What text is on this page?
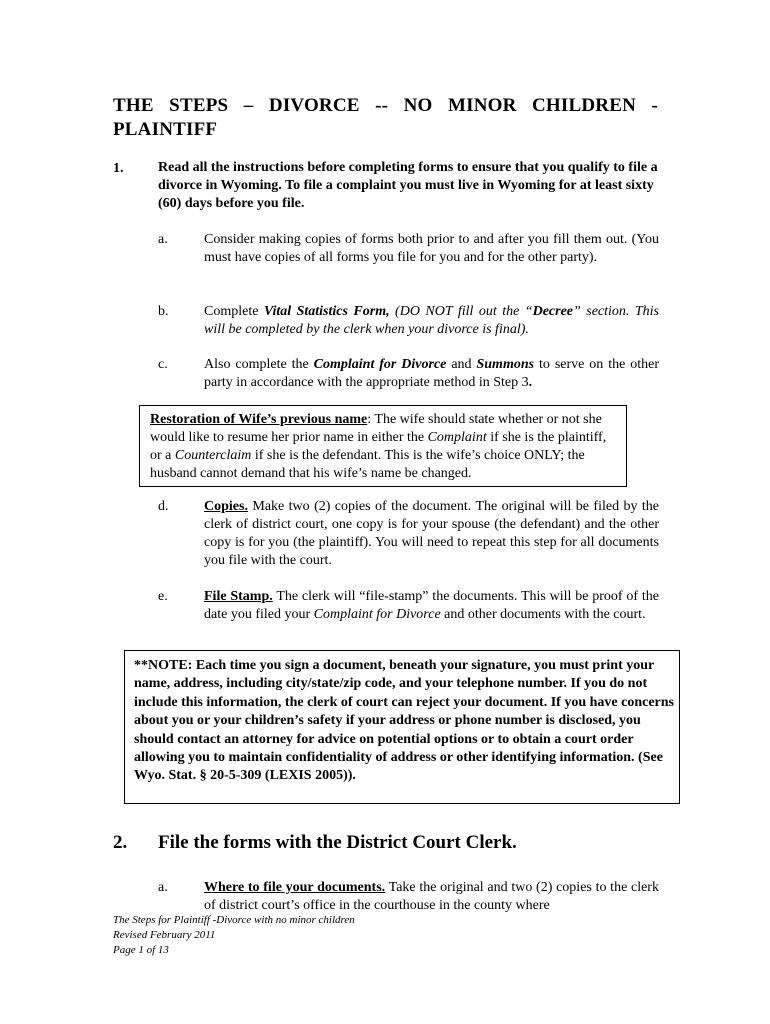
THE STEPS – DIVORCE -- NO MINOR CHILDREN - PLAINTIFF
1. Read all the instructions before completing forms to ensure that you qualify to file a divorce in Wyoming. To file a complaint you must live in Wyoming for at least sixty (60) days before you file.
a.	Consider making copies of forms both prior to and after you fill them out. (You must have copies of all forms you file for you and for the other party).
b.	Complete Vital Statistics Form, (DO NOT fill out the “Decree” section. This will be completed by the clerk when your divorce is final).
c.	Also complete the Complaint for Divorce and Summons to serve on the other party in accordance with the appropriate method in Step 3.
Restoration of Wife’s previous name: The wife should state whether or not she would like to resume her prior name in either the Complaint if she is the plaintiff, or a Counterclaim if she is the defendant. This is the wife’s choice ONLY; the husband cannot demand that his wife’s name be changed.
d.	Copies. Make two (2) copies of the document. The original will be filed by the clerk of district court, one copy is for your spouse (the defendant) and the other copy is for you (the plaintiff). You will need to repeat this step for all documents you file with the court.
e.	File Stamp. The clerk will “file-stamp” the documents. This will be proof of the date you filed your Complaint for Divorce and other documents with the court.
**NOTE: Each time you sign a document, beneath your signature, you must print your name, address, including city/state/zip code, and your telephone number. If you do not include this information, the clerk of court can reject your document. If you have concerns about you or your children’s safety if your address or phone number is disclosed, you should contact an attorney for advice on potential options or to obtain a court order allowing you to maintain confidentiality of address or other identifying information. (See Wyo. Stat. § 20-5-309 (LEXIS 2005)).
2. File the forms with the District Court Clerk.
a.	Where to file your documents. Take the original and two (2) copies to the clerk of district court’s office in the courthouse in the county where
The Steps for Plaintiff -Divorce with no minor children
Revised February 2011
Page 1 of 13
